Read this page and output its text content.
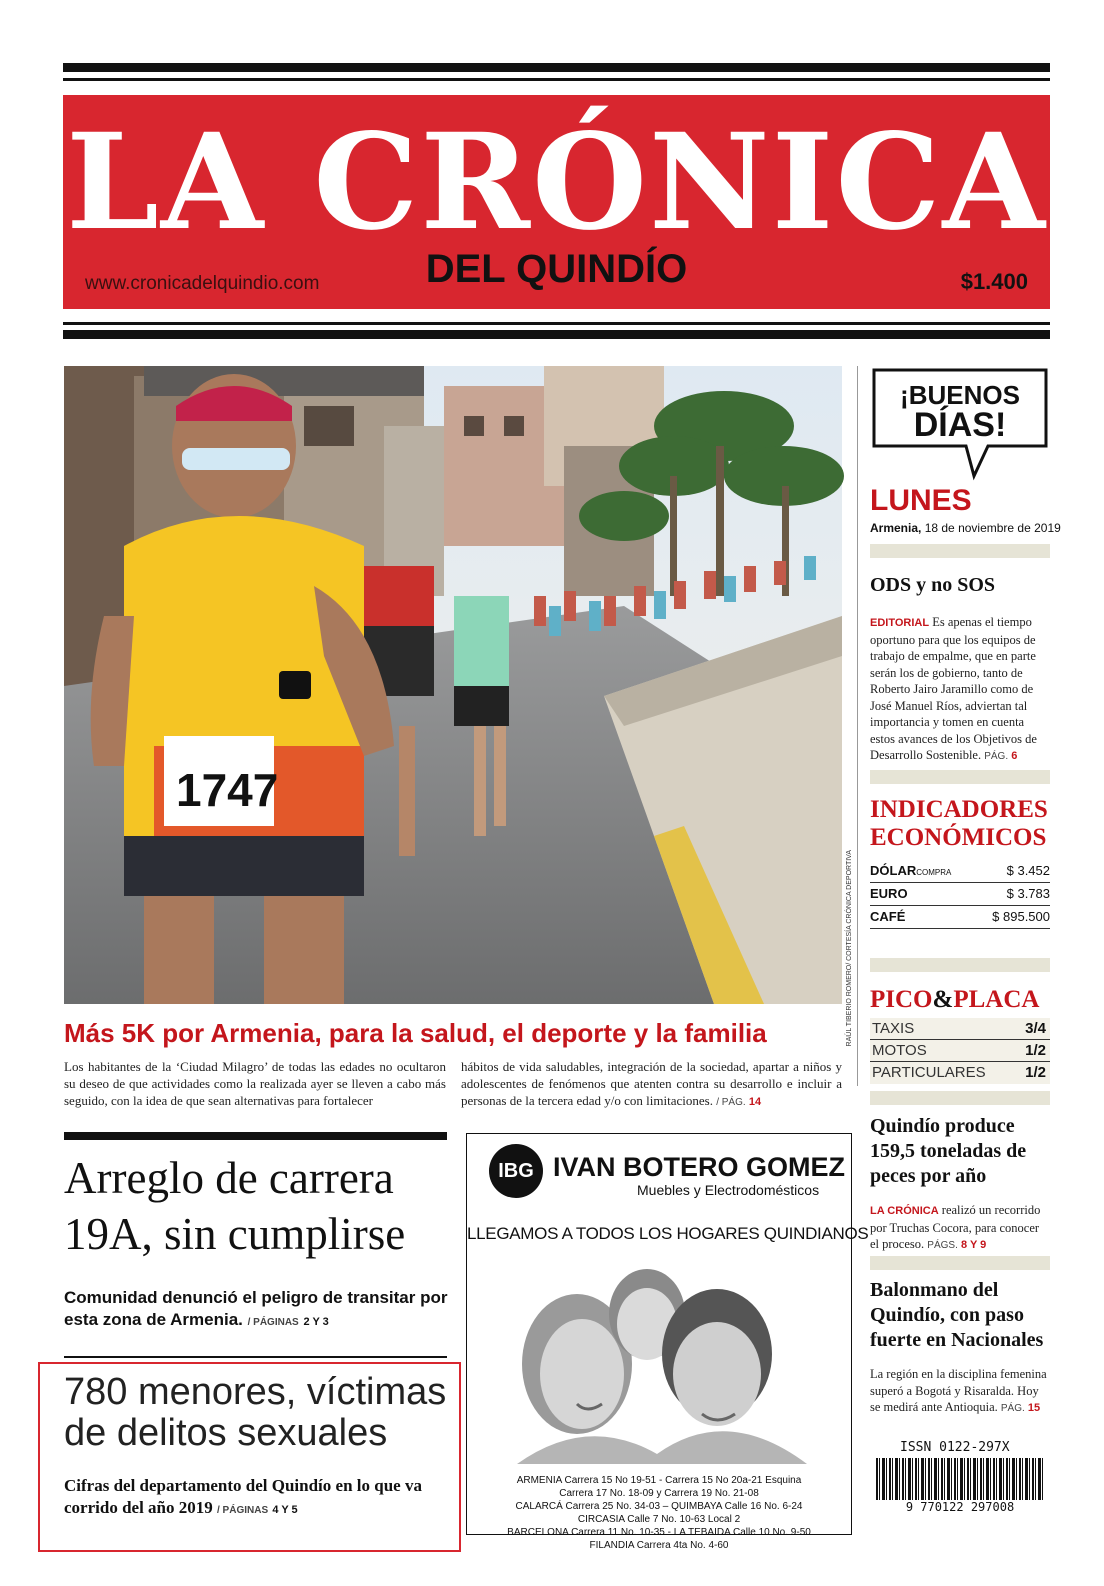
LA CRÓNICA
DEL QUINDÍO
www.cronicadelquindio.com	$1.400
1747
RAÚL TIBERIO ROMERO/ CORTESÍA CRÓNICA DEPORTIVA
Más 5K por Armenia, para la salud, el deporte y la familia
Los habitantes de la ‘Ciudad Milagro’ de todas las edades no ocultaron su deseo de que actividades como la realizada ayer se lleven a cabo más seguido, con la idea de que sean alternativas para fortalecer
hábitos de vida saludables, integración de la sociedad, apartar a niños y adolescentes de fenómenos que atenten contra su desarrollo e incluir a personas de la tercera edad y/o con limitaciones. / PÁG. 14
¡BUENOS
DÍAS!
LUNES
Armenia, 18 de noviembre de 2019
ODS y no SOS
EDITORIAL Es apenas el tiempo oportuno para que los equipos de trabajo de empalme, que en parte serán los de gobierno, tanto de Roberto Jairo Jaramillo como de José Manuel Ríos, adviertan tal importancia y tomen en cuenta estos avances de los Objetivos de Desarrollo Sostenible. PÁG. 6
INDICADORES ECONÓMICOS
DÓLARCOMPRA	$ 3.452
EURO	$ 3.783
CAFÉ	$ 895.500
PICO&PLACA
TAXIS	3/4
MOTOS	1/2
PARTICULARES	1/2
Quindío produce 159,5 toneladas de peces por año
LA CRÓNICA realizó un recorrido por Truchas Cocora, para conocer el proceso. PÁGS. 8 Y 9
Balonmano del Quindío, con paso fuerte en Nacionales
La región en la disciplina femenina superó a Bogotá y Risaralda. Hoy se medirá ante Antioquia. PÁG. 15
ISSN 0122-297X
9 770122 297008
Arreglo de carrera 19A, sin cumplirse
Comunidad denunció el peligro de transitar por esta zona de Armenia. / PÁGINAS 2 Y 3
780 menores, víctimas de delitos sexuales
Cifras del departamento del Quindío en lo que va corrido del año 2019 / PÁGINAS 4 Y 5
IBG IVAN BOTERO GOMEZ
Muebles y Electrodomésticos
LLEGAMOS A TODOS LOS HOGARES QUINDIANOS
ARMENIA Carrera 15 No 19-51 - Carrera 15 No 20a-21 Esquina
Carrera 17 No. 18-09 y Carrera 19 No. 21-08
CALARCÁ Carrera 25 No. 34-03 – QUIMBAYA Calle 16 No. 6-24
CIRCASIA Calle 7 No. 10-63 Local 2
BARCELONA Carrera 11 No. 10-35 - LA TEBAIDA Calle 10 No. 9-50
FILANDIA Carrera 4ta No. 4-60
